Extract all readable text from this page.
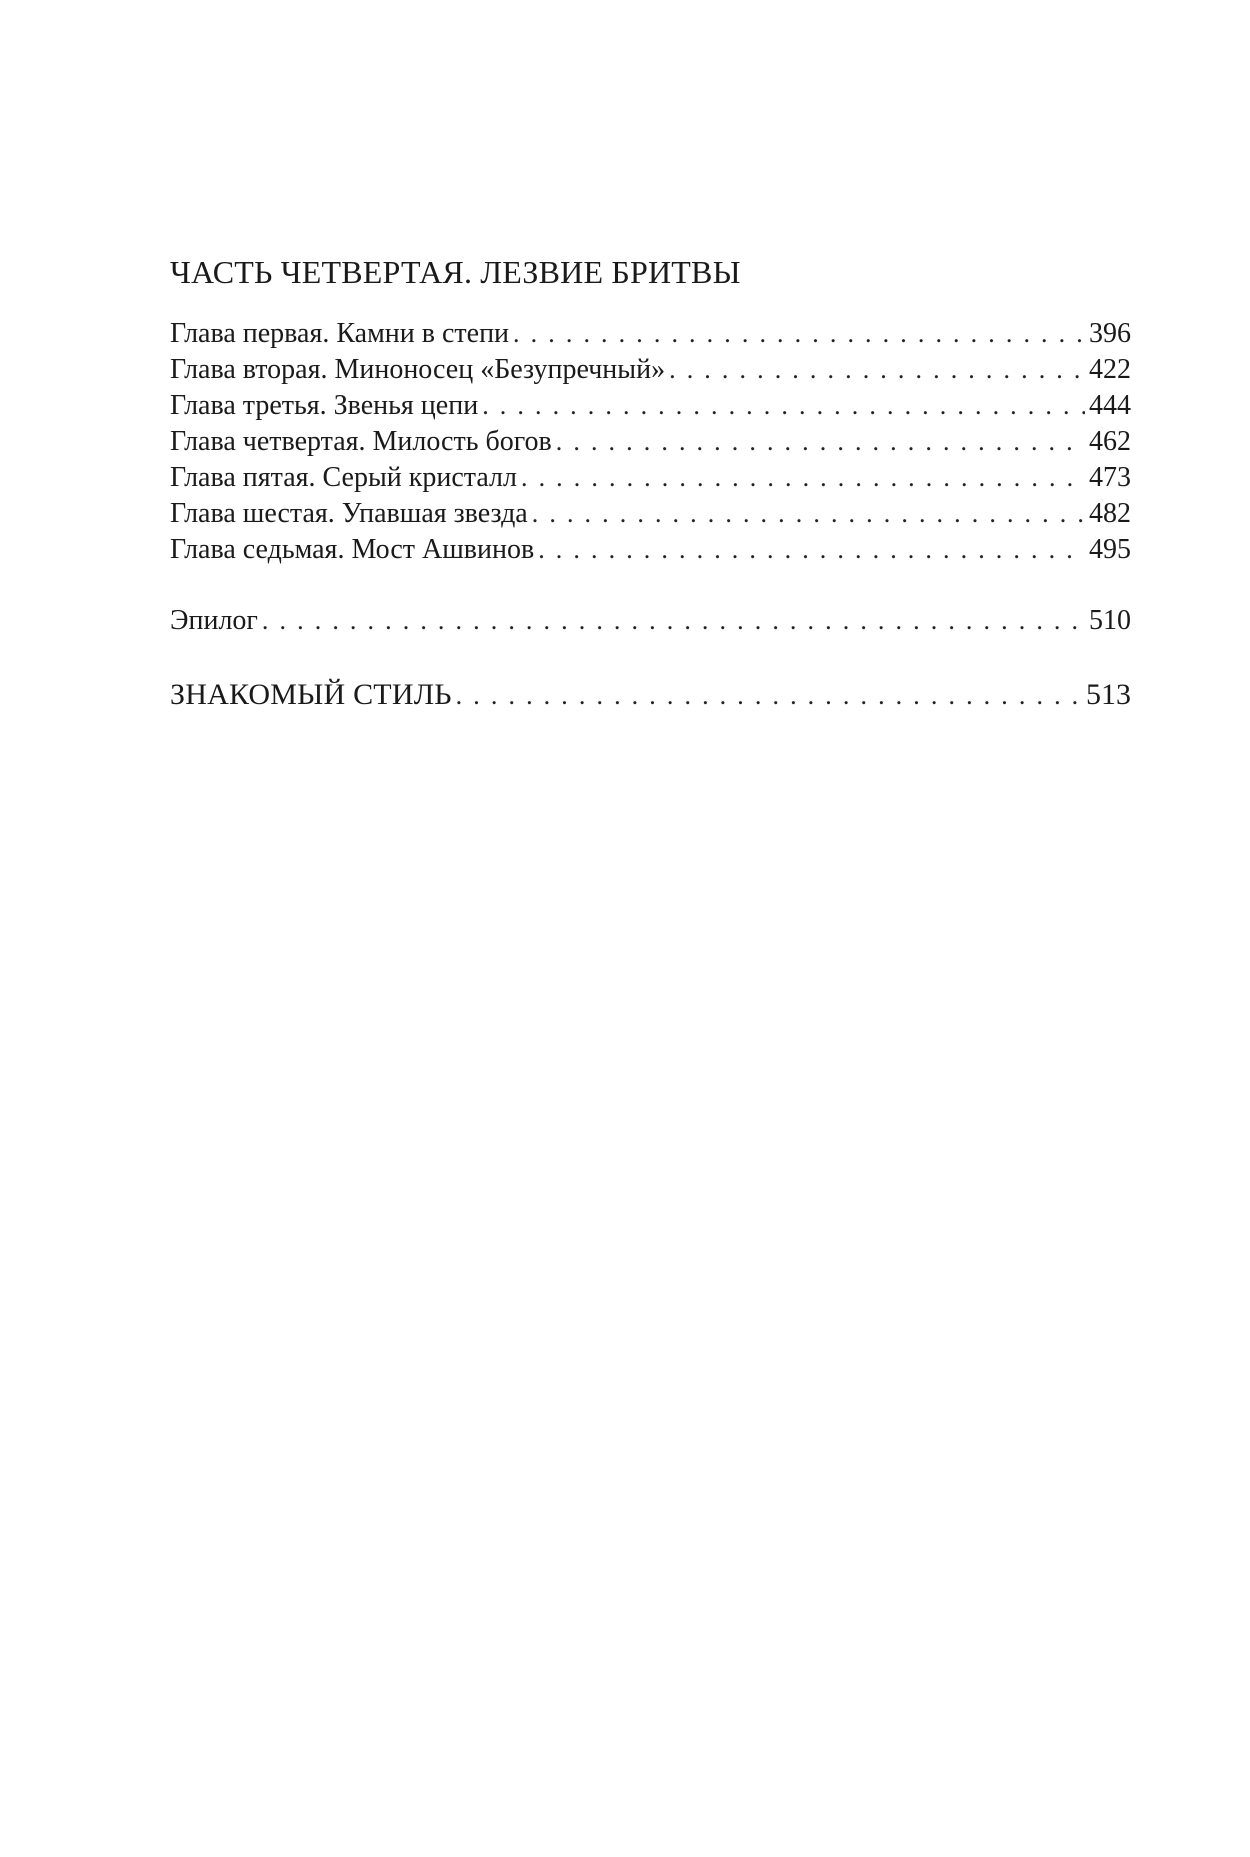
ЧАСТЬ ЧЕТВЕРТАЯ. ЛЕЗВИЕ БРИТВЫ
Глава первая. Камни в степи . . .	396
Глава вторая. Миноносец «Безупречный» . . .	422
Глава третья. Звенья цепи . . .	444
Глава четвертая. Милость богов . . .	462
Глава пятая. Серый кристалл . . .	473
Глава шестая. Упавшая звезда . . .	482
Глава седьмая. Мост Ашвинов . . .	495
Эпилог . . .	510
ЗНАКОМЫЙ СТИЛЬ . . .	513
